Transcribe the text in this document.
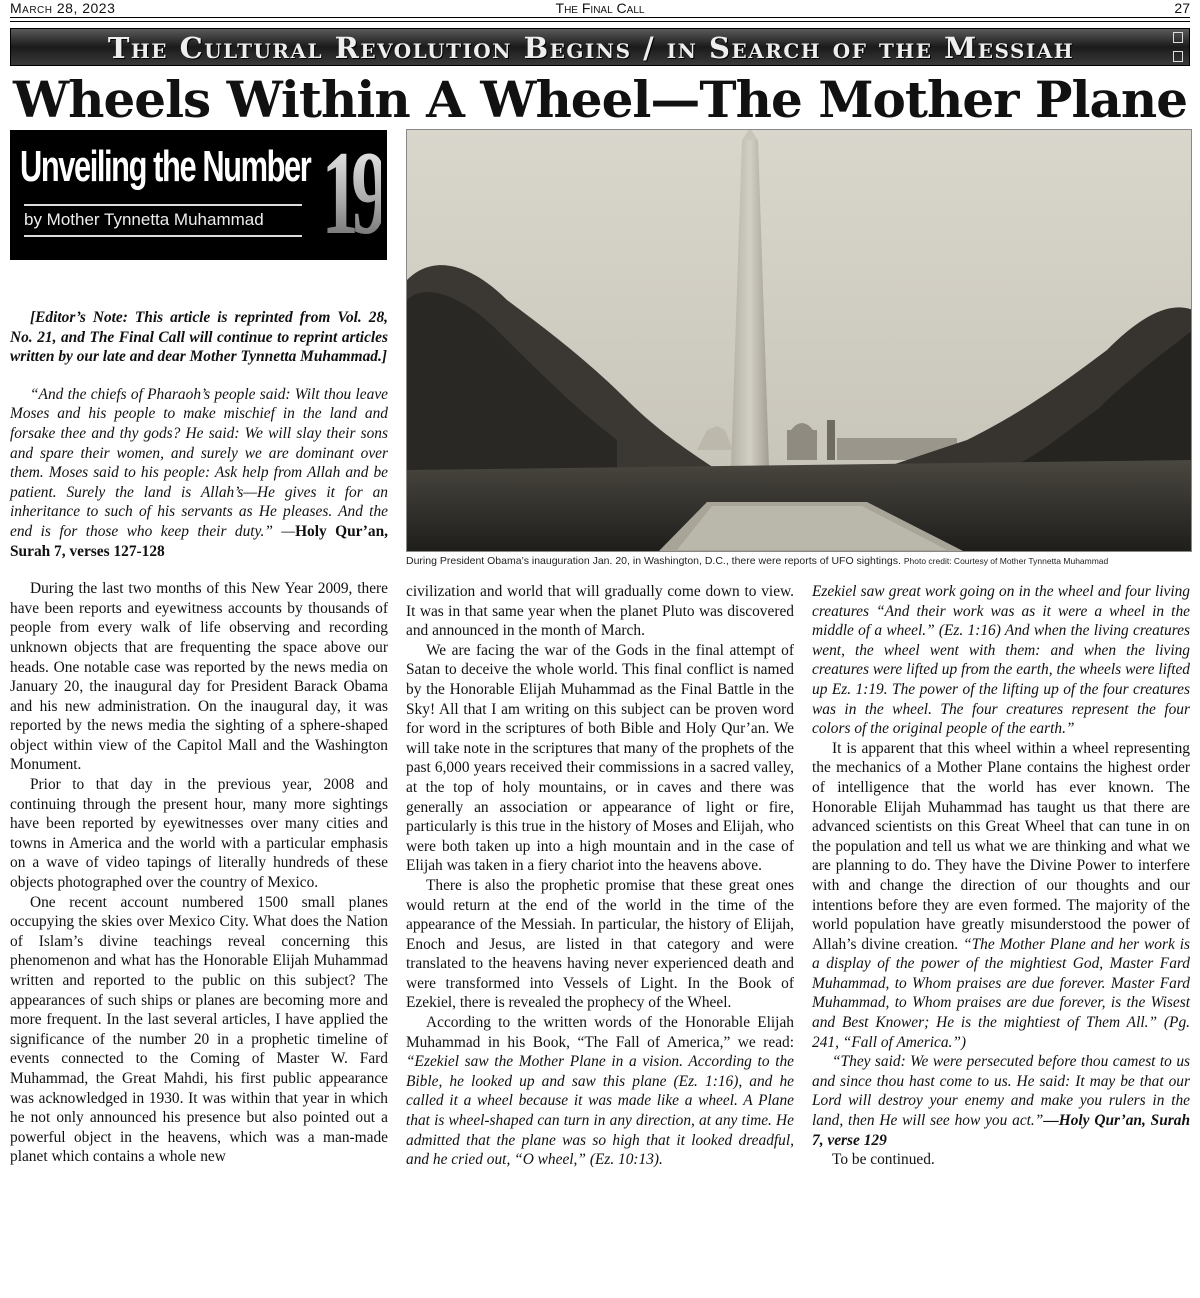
March 28, 2023	The Final Call	27
The Cultural Revolution Begins / in Search of the Messiah
Wheels Within A Wheel—The Mother Plane
Unveiling the Number
by Mother Tynnetta Muhammad 19
During President Obama’s inauguration Jan. 20, in Washington, D.C., there were reports of UFO sightings. Photo credit: Courtesy of Mother Tynnetta Muhammad

[Editor’s Note: This article is reprinted from Vol. 28, No. 21, and The Final Call will continue to reprint articles written by our late and dear Mother Tynnetta Muhammad.]

“And the chiefs of Pharaoh’s people said: Wilt thou leave Moses and his people to make mischief in the land and forsake thee and thy gods? He said: We will slay their sons and spare their women, and surely we are dominant over them. Moses said to his people: Ask help from Allah and be patient. Surely the land is Allah’s—He gives it for an inheritance to such of his servants as He pleases. And the end is for those who keep their duty.” —Holy Qur’an, Surah 7, verses 127-128

During the last two months of this New Year 2009, there have been reports and eyewitness accounts by thousands of people from every walk of life observing and recording unknown objects that are frequenting the space above our heads. One notable case was reported by the news media on January 20, the inaugural day for President Barack Obama and his new administration. On the inaugural day, it was reported by the news media the sighting of a sphere-shaped object within view of the Capitol Mall and the Washington Monument.

Prior to that day in the previous year, 2008 and continuing through the present hour, many more sightings have been reported by eyewitnesses over many cities and towns in America and the world with a particular emphasis on a wave of video tapings of literally hundreds of these objects photographed over the country of Mexico.

One recent account numbered 1500 small planes occupying the skies over Mexico City. What does the Nation of Islam’s divine teachings reveal concerning this phenomenon and what has the Honorable Elijah Muhammad written and reported to the public on this subject? The appearances of such ships or planes are becoming more and more frequent. In the last several articles, I have applied the significance of the number 20 in a prophetic timeline of events connected to the Coming of Master W. Fard Muhammad, the Great Mahdi, his first public appearance was acknowledged in 1930. It was within that year in which he not only announced his presence but also pointed out a powerful object in the heavens, which was a man-made planet which contains a whole new

civilization and world that will gradually come down to view. It was in that same year when the planet Pluto was discovered and announced in the month of March.

We are facing the war of the Gods in the final attempt of Satan to deceive the whole world. This final conflict is named by the Honorable Elijah Muhammad as the Final Battle in the Sky! All that I am writing on this subject can be proven word for word in the scriptures of both Bible and Holy Qur’an. We will take note in the scriptures that many of the prophets of the past 6,000 years received their commissions in a sacred valley, at the top of holy mountains, or in caves and there was generally an association or appearance of light or fire, particularly is this true in the history of Moses and Elijah, who were both taken up into a high mountain and in the case of Elijah was taken in a fiery chariot into the heavens above.

There is also the prophetic promise that these great ones would return at the end of the world in the time of the appearance of the Messiah. In particular, the history of Elijah, Enoch and Jesus, are listed in that category and were translated to the heavens having never experienced death and were transformed into Vessels of Light. In the Book of Ezekiel, there is revealed the prophecy of the Wheel.

According to the written words of the Honorable Elijah Muhammad in his Book, “The Fall of America,” we read: “Ezekiel saw the Mother Plane in a vision. According to the Bible, he looked up and saw this plane (Ez. 1:16), and he called it a wheel because it was made like a wheel. A Plane that is wheel-shaped can turn in any direction, at any time. He admitted that the plane was so high that it looked dreadful, and he cried out, “O wheel,” (Ez. 10:13).

Ezekiel saw great work going on in the wheel and four living creatures “And their work was as it were a wheel in the middle of a wheel.” (Ez. 1:16) And when the living creatures went, the wheel went with them: and when the living creatures were lifted up from the earth, the wheels were lifted up Ez. 1:19. The power of the lifting up of the four creatures was in the wheel. The four creatures represent the four colors of the original people of the earth.”

It is apparent that this wheel within a wheel representing the mechanics of a Mother Plane contains the highest order of intelligence that the world has ever known. The Honorable Elijah Muhammad has taught us that there are advanced scientists on this Great Wheel that can tune in on the population and tell us what we are thinking and what we are planning to do. They have the Divine Power to interfere with and change the direction of our thoughts and our intentions before they are even formed. The majority of the world population have greatly misunderstood the power of Allah’s divine creation. “The Mother Plane and her work is a display of the power of the mightiest God, Master Fard Muhammad, to Whom praises are due forever. Master Fard Muhammad, to Whom praises are due forever, is the Wisest and Best Knower; He is the mightiest of Them All.” (Pg. 241, “Fall of America.”)

“They said: We were persecuted before thou camest to us and since thou hast come to us. He said: It may be that our Lord will destroy your enemy and make you rulers in the land, then He will see how you act.”—Holy Qur’an, Surah 7, verse 129

To be continued.
